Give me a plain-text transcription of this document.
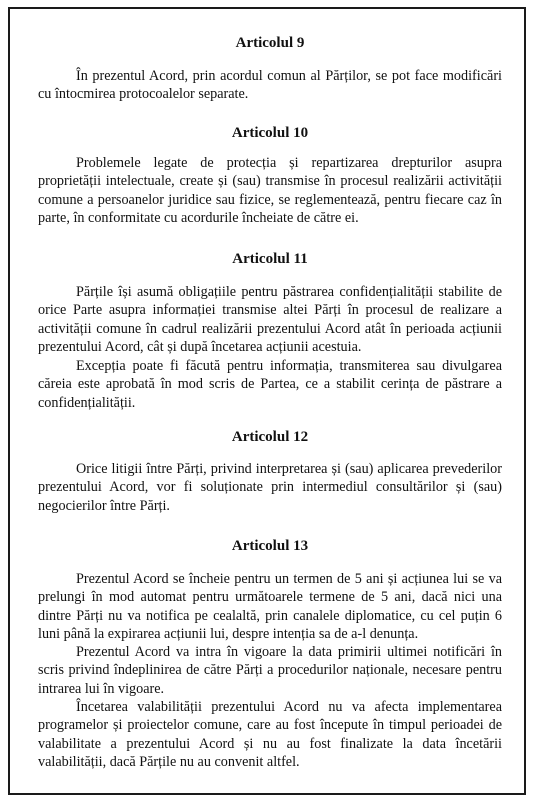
Articolul 9

În prezentul Acord, prin acordul comun al Părților, se pot face modificări cu întocmirea protocoalelor separate.

Articolul 10

Problemele legate de protecția și repartizarea drepturilor asupra proprietății intelectuale, create și (sau) transmise în procesul realizării activității comune a persoanelor juridice sau fizice, se reglementează, pentru fiecare caz în parte, în conformitate cu acordurile încheiate de către ei.

Articolul 11

Părțile își asumă obligațiile pentru păstrarea confidențialității stabilite de orice Parte asupra informației transmise altei Părți în procesul de realizare a activității comune în cadrul realizării prezentului Acord atât în perioada acțiunii prezentului Acord, cât și după încetarea acțiunii acestuia.

Excepția poate fi făcută pentru informația, transmiterea sau divulgarea căreia este aprobată în mod scris de Partea, ce a stabilit cerința de păstrare a confidențialității.

Articolul 12

Orice litigii între Părți, privind interpretarea și (sau) aplicarea prevederilor prezentului Acord, vor fi soluționate prin intermediul consultărilor și (sau) negocierilor între Părți.

Articolul 13

Prezentul Acord se încheie pentru un termen de 5 ani și acțiunea lui se va prelungi în mod automat pentru următoarele termene de 5 ani, dacă nici una dintre Părți nu va notifica pe cealaltă, prin canalele diplomatice, cu cel puțin 6 luni până la expirarea acțiunii lui, despre intenția sa de a-l denunța.

Prezentul Acord va intra în vigoare la data primirii ultimei notificări în scris privind îndeplinirea de către Părți a procedurilor naționale, necesare pentru intrarea lui în vigoare.

Încetarea valabilității prezentului Acord nu va afecta implementarea programelor și proiectelor comune, care au fost începute în timpul perioadei de valabilitate a prezentului Acord și nu au fost finalizate la data încetării valabilității, dacă Părțile nu au convenit altfel.
